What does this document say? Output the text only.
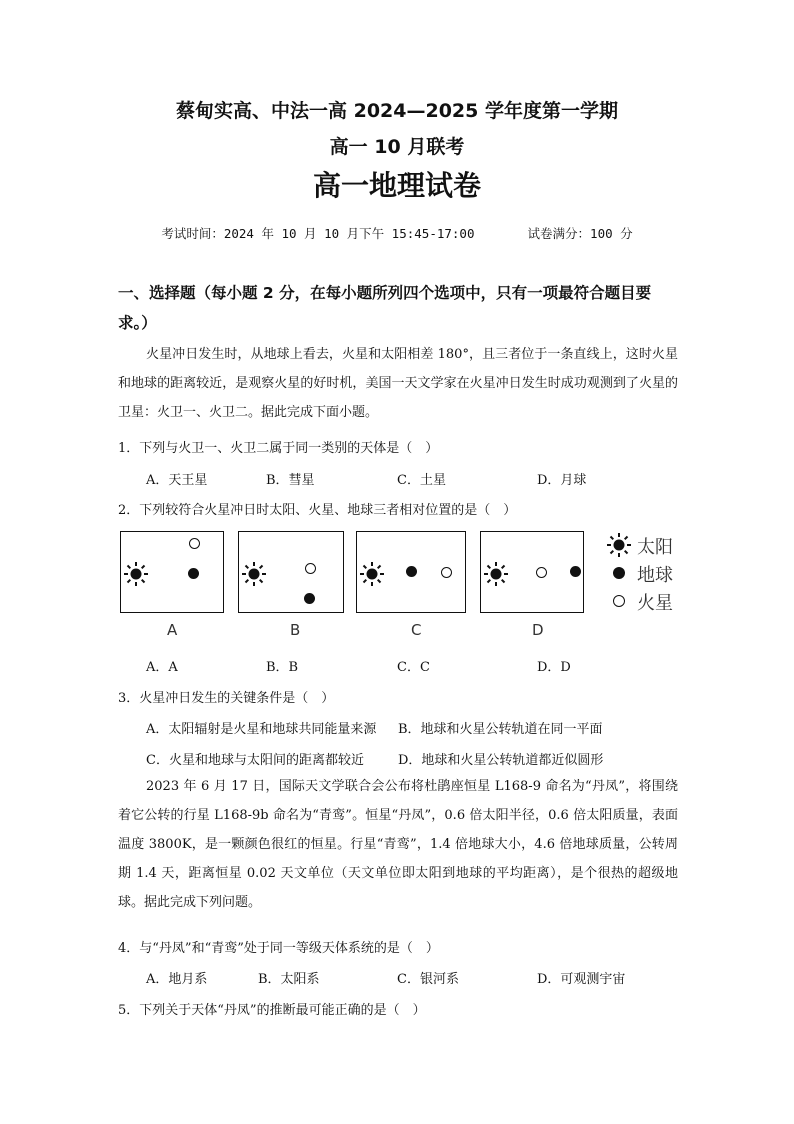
蔡甸实高、中法一高 2024—2025 学年度第一学期
高一 10 月联考
高一地理试卷
考试时间：2024 年 10 月 10 月下午 15:45-17:00	试卷满分：100 分
一、选择题（每小题 2 分，在每小题所列四个选项中，只有一项最符合题目要求。）

火星冲日发生时，从地球上看去，火星和太阳相差 180°，且三者位于一条直线上，这时火星和地球的距离较近，是观察火星的好时机，美国一天文学家在火星冲日发生时成功观测到了火星的卫星：火卫一、火卫二。据此完成下面小题。

1．下列与火卫一、火卫二属于同一类别的天体是（　）
A．天王星	B．彗星	C．土星	D．月球
2．下列较符合火星冲日时太阳、火星、地球三者相对位置的是（　）
A	B	C	D
太阳
地球
火星
A．A	B．B	C．C	D．D
3．火星冲日发生的关键条件是（　）
A．太阳辐射是火星和地球共同能量来源 B．地球和火星公转轨道在同一平面
C．火星和地球与太阳间的距离都较近	D．地球和火星公转轨道都近似圆形

2023 年 6 月 17 日，国际天文学联合会公布将杜鹃座恒星 L168-9 命名为“丹凤”，将围绕着它公转的行星 L168-9b 命名为“青鸾”。恒星“丹凤”，0.6 倍太阳半径，0.6 倍太阳质量，表面温度 3800K，是一颗颜色很红的恒星。行星“青鸾”，1.4 倍地球大小，4.6 倍地球质量，公转周期 1.4 天，距离恒星 0.02 天文单位（天文单位即太阳到地球的平均距离），是个很热的超级地球。据此完成下列问题。

4．与“丹凤”和“青鸾”处于同一等级天体系统的是（　）
A．地月系	B．太阳系	C．银河系	D．可观测宇宙
5．下列关于天体“丹凤”的推断最可能正确的是（　）
